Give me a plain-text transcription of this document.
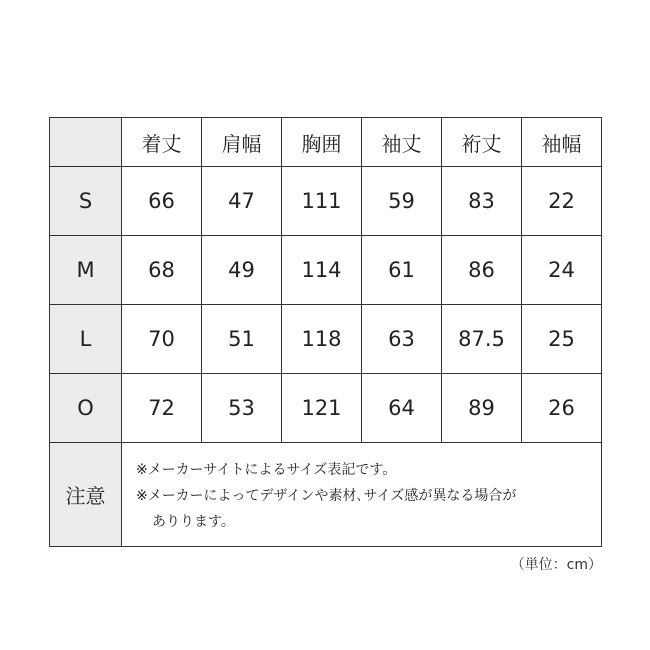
	着丈	肩幅	胸囲	袖丈	裄丈	袖幅
S	66	47	111	59	83	22
M	68	49	114	61	86	24
L	70	51	118	63	87.5	25
O	72	53	121	64	89	26
注意	※メーカーサイトによるサイズ表記です。
※メーカーによってデザインや素材､サイズ感が異なる場合が
ありります。					
（単位：cm）
